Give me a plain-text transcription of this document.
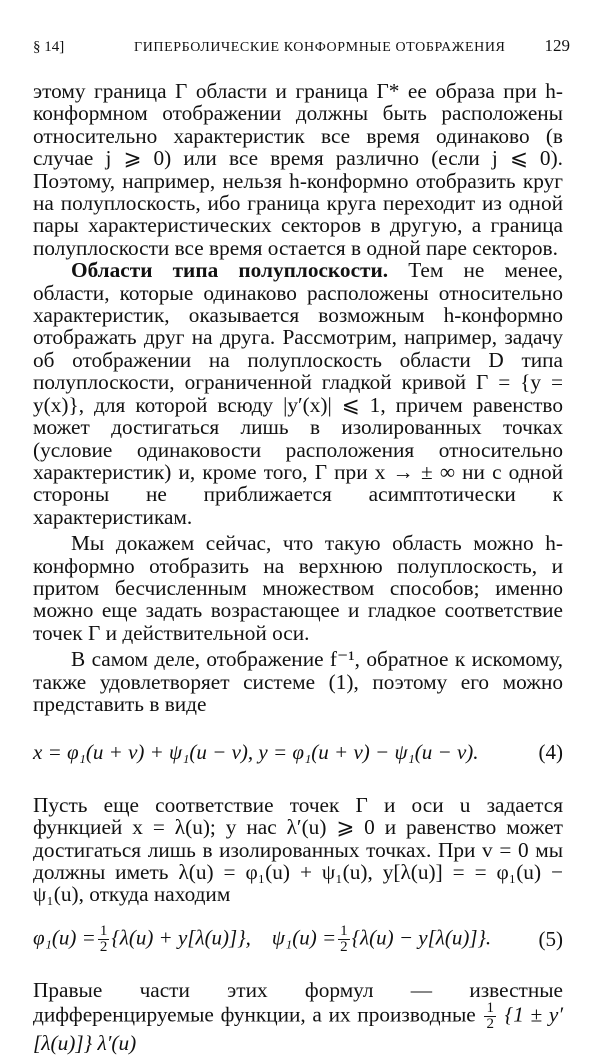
§ 14]	ГИПЕРБОЛИЧЕСКИЕ КОНФОРМНЫЕ ОТОБРАЖЕНИЯ	129

этому граница Γ области и граница Γ* ее образа при h-конформном отображении должны быть расположены относительно характеристик все время одинаково (в случае j ⩾ 0) или все время различно (если j ⩽ 0). Поэтому, например, нельзя h-конформно отобразить круг на полуплоскость, ибо граница круга переходит из одной пары характеристических секторов в другую, а граница полуплоскости все время остается в одной паре секторов.

Области типа полуплоскости. Тем не менее, области, которые одинаково расположены относительно характеристик, оказывается возможным h-конформно отображать друг на друга. Рассмотрим, например, задачу об отображении на полуплоскость области D типа полуплоскости, ограниченной гладкой кривой Γ = {y = y(x)}, для которой всюду |y′(x)| ⩽ 1, причем равенство может достигаться лишь в изолированных точках (условие одинаковости расположения относительно характеристик) и, кроме того, Γ при x → ± ∞ ни с одной стороны не приближается асимптотически к характеристикам.

Мы докажем сейчас, что такую область можно h-конформно отобразить на верхнюю полуплоскость, и притом бесчисленным множеством способов; именно можно еще задать возрастающее и гладкое соответствие точек Γ и действительной оси.

В самом деле, отображение f⁻¹, обратное к искомому, также удовлетворяет системе (1), поэтому его можно представить в виде

x = φ₁(u + v) + ψ₁(u − v), y = φ₁(u + v) − ψ₁(u − v).	(4)

Пусть еще соответствие точек Γ и оси u задается функцией x = λ(u); у нас λ′(u) ⩾ 0 и равенство может достигаться лишь в изолированных точках. При v = 0 мы должны иметь λ(u) = φ₁(u) + ψ₁(u), y[λ(u)] = = φ₁(u) − ψ₁(u), откуда находим

$\varphi_1(u) = \frac{1}{2} \{\lambda(u) + y[\lambda(u)]\}$, $\psi_1(u) = \frac{1}{2} \{\lambda(u) - y[\lambda(u)]\}$.	(5)

Правые части этих формул — известные дифференцируемые функции, а их производные $\frac{1}{2} \{1 \pm y'[\lambda(u)]\}$ λ′(u)
